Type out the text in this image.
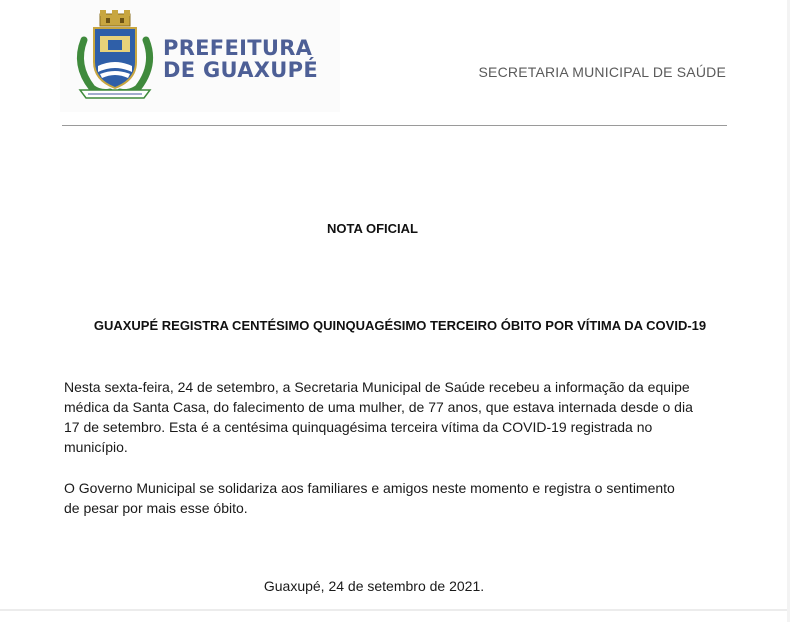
PREFEITURA
DE GUAXUPÉ	SECRETARIA MUNICIPAL DE SAÚDE
NOTA OFICIAL
GUAXUPÉ REGISTRA CENTÉSIMO QUINQUAGÉSIMO TERCEIRO ÓBITO POR VÍTIMA DA COVID-19

Nesta sexta-feira, 24 de setembro, a Secretaria Municipal de Saúde recebeu a informação da equipe
médica da Santa Casa, do falecimento de uma mulher, de 77 anos, que estava internada desde o dia
17 de setembro. Esta é a centésima quinquagésima terceira vítima da COVID-19 registrada no
município.

O Governo Municipal se solidariza aos familiares e amigos neste momento e registra o sentimento
de pesar por mais esse óbito.

Guaxupé, 24 de setembro de 2021.
